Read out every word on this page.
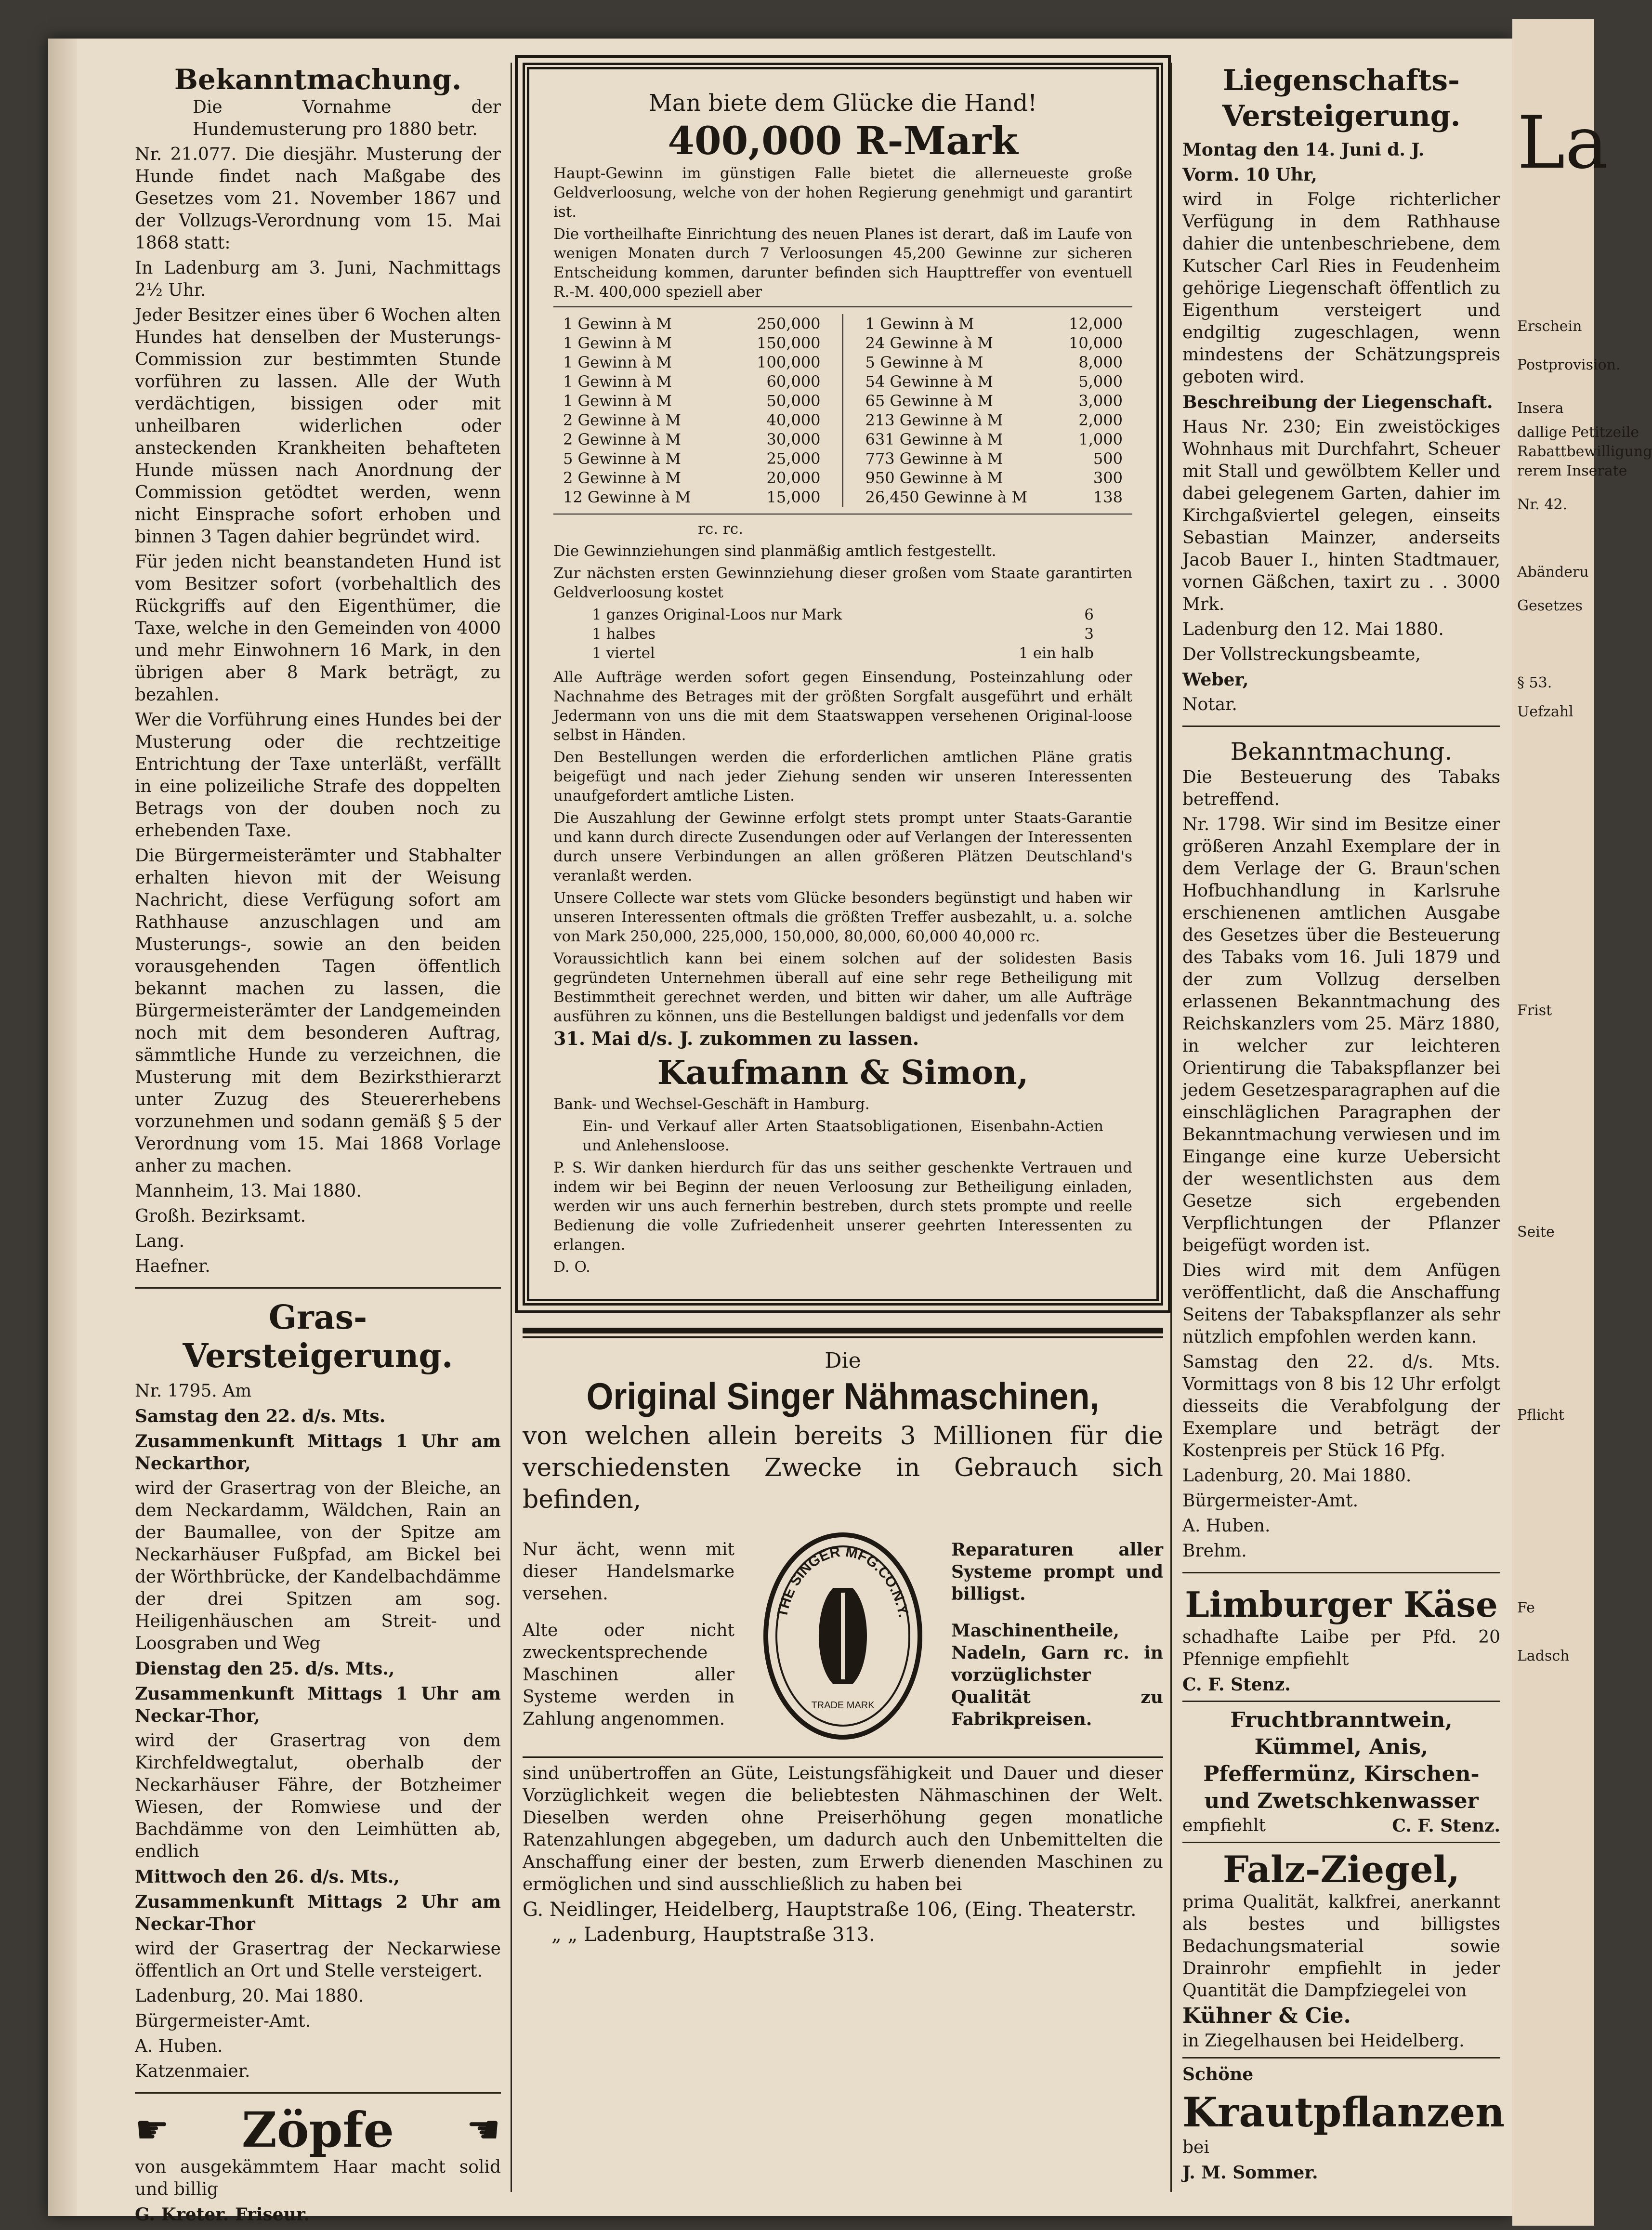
Bekanntmachung.

Die Vornahme der Hundemusterung pro 1880 betr.

Nr. 21.077. Die diesjähr. Musterung der Hunde findet nach Maßgabe des Gesetzes vom 21. November 1867 und der Vollzugs-Verordnung vom 15. Mai 1868 statt:

In Ladenburg am 3. Juni, Nachmittags 2½ Uhr.

Jeder Besitzer eines über 6 Wochen alten Hundes hat denselben der Musterungs-Commission zur bestimmten Stunde vorführen zu lassen. Alle der Wuth verdächtigen, bissigen oder mit unheilbaren widerlichen oder ansteckenden Krankheiten behafteten Hunde müssen nach Anordnung der Commission getödtet werden, wenn nicht Einsprache sofort erhoben und binnen 3 Tagen dahier begründet wird.

Für jeden nicht beanstandeten Hund ist vom Besitzer sofort (vorbehaltlich des Rückgriffs auf den Eigenthümer, die Taxe, welche in den Gemeinden von 4000 und mehr Einwohnern 16 Mark, in den übrigen aber 8 Mark beträgt, zu bezahlen.

Wer die Vorführung eines Hundes bei der Musterung oder die rechtzeitige Entrichtung der Taxe unterläßt, verfällt in eine polizeiliche Strafe des doppelten Betrags von der douben noch zu erhebenden Taxe.

Die Bürgermeisterämter und Stabhalter erhalten hievon mit der Weisung Nachricht, diese Verfügung sofort am Rathhause anzuschlagen und am Musterungs-, sowie an den beiden vorausgehenden Tagen öffentlich bekannt machen zu lassen, die Bürgermeisterämter der Landgemeinden noch mit dem besonderen Auftrag, sämmtliche Hunde zu verzeichnen, die Musterung mit dem Bezirksthierarzt unter Zuzug des Steuererhebens vorzunehmen und sodann gemäß § 5 der Verordnung vom 15. Mai 1868 Vorlage anher zu machen.

Mannheim, 13. Mai 1880.

Großh. Bezirksamt.

Lang.

Haefner.

Gras-
Versteigerung.

Nr. 1795. Am

Samstag den 22. d/s. Mts.

Zusammenkunft Mittags 1 Uhr am Neckarthor,

wird der Grasertrag von der Bleiche, an dem Neckardamm, Wäldchen, Rain an der Baumallee, von der Spitze am Neckarhäuser Fußpfad, am Bickel bei der Wörthbrücke, der Kandelbachdämme der drei Spitzen am sog. Heiligenhäuschen am Streit- und Loosgraben und Weg

Dienstag den 25. d/s. Mts.,

Zusammenkunft Mittags 1 Uhr am Neckar-Thor,

wird der Grasertrag von dem Kirchfeldwegtalut, oberhalb der Neckarhäuser Fähre, der Botzheimer Wiesen, der Romwiese und der Bachdämme von den Leimhütten ab, endlich

Mittwoch den 26. d/s. Mts.,

Zusammenkunft Mittags 2 Uhr am Neckar-Thor

wird der Grasertrag der Neckarwiese öffentlich an Ort und Stelle versteigert.

Ladenburg, 20. Mai 1880.

Bürgermeister-Amt.

A. Huben.

Katzenmaier.

☛ Zöpfe ☛

von ausgekämmtem Haar macht solid und billig

G. Kreter. Friseur.

Man biete dem Glücke die Hand!
400,000 R-Mark

Haupt-Gewinn im günstigen Falle bietet die allerneueste große Geldverloosung, welche von der hohen Regierung genehmigt und garantirt ist.

Die vortheilhafte Einrichtung des neuen Planes ist derart, daß im Laufe von wenigen Monaten durch 7 Verloosungen 45,200 Gewinne zur sicheren Entscheidung kommen, darunter befinden sich Haupttreffer von eventuell R.-M. 400,000 speziell aber

1 Gewinn à M	250,000
1 Gewinn à M	150,000
1 Gewinn à M	100,000
1 Gewinn à M	60,000
1 Gewinn à M	50,000
2 Gewinne à M	40,000
2 Gewinne à M	30,000
5 Gewinne à M	25,000
2 Gewinne à M	20,000
12 Gewinne à M	15,000
1 Gewinn à M	12,000
24 Gewinne à M	10,000
5 Gewinne à M	8,000
54 Gewinne à M	5,000
65 Gewinne à M	3,000
213 Gewinne à M	2,000
631 Gewinne à M	1,000
773 Gewinne à M	500
950 Gewinne à M	300
26,450 Gewinne à M	138

rc. rc.

Die Gewinnziehungen sind planmäßig amtlich festgestellt.

Zur nächsten ersten Gewinnziehung dieser großen vom Staate garantirten Geldverloosung kostet

1 ganzes Original-Loos nur Mark	6
1 halbes	3
1 viertel	1 ein halb

Alle Aufträge werden sofort gegen Einsendung, Posteinzahlung oder Nachnahme des Betrages mit der größten Sorgfalt ausgeführt und erhält Jedermann von uns die mit dem Staatswappen versehenen Original-loose selbst in Händen.

Den Bestellungen werden die erforderlichen amtlichen Pläne gratis beigefügt und nach jeder Ziehung senden wir unseren Interessenten unaufgefordert amtliche Listen.

Die Auszahlung der Gewinne erfolgt stets prompt unter Staats-Garantie und kann durch directe Zusendungen oder auf Verlangen der Interessenten durch unsere Verbindungen an allen größeren Plätzen Deutschland's veranlaßt werden.

Unsere Collecte war stets vom Glücke besonders begünstigt und haben wir unseren Interessenten oftmals die größten Treffer ausbezahlt, u. a. solche von Mark 250,000, 225,000, 150,000, 80,000, 60,000 40,000 rc.

Voraussichtlich kann bei einem solchen auf der solidesten Basis gegründeten Unternehmen überall auf eine sehr rege Betheiligung mit Bestimmtheit gerechnet werden, und bitten wir daher, um alle Aufträge ausführen zu können, uns die Bestellungen baldigst und jedenfalls vor dem

31. Mai d/s. J. zukommen zu lassen.

Kaufmann & Simon,

Bank- und Wechsel-Geschäft in Hamburg.

Ein- und Verkauf aller Arten Staatsobligationen, Eisenbahn-Actien und Anlehensloose.

P. S. Wir danken hierdurch für das uns seither geschenkte Vertrauen und indem wir bei Beginn der neuen Verloosung zur Betheiligung einladen, werden wir uns auch fernerhin bestreben, durch stets prompte und reelle Bedienung die volle Zufriedenheit unserer geehrten Interessenten zu erlangen.

D. O.

Die
Original Singer Nähmaschinen,

von welchen allein bereits 3 Millionen für die verschiedensten Zwecke in Gebrauch sich befinden,

Nur ächt, wenn mit dieser Handelsmarke versehen.

Alte oder nicht zweckentsprechende Maschinen aller Systeme werden in Zahlung angenommen.

THE SINGER MFG.CO.N.Y.
TRADE MARK

Reparaturen aller Systeme prompt und billigst.

Maschinentheile, Nadeln, Garn rc. in vorzüglichster Qualität zu Fabrikpreisen.

sind unübertroffen an Güte, Leistungsfähigkeit und Dauer und dieser Vorzüglichkeit wegen die beliebtesten Nähmaschinen der Welt. Dieselben werden ohne Preiserhöhung gegen monatliche Ratenzahlungen abgegeben, um dadurch auch den Unbemittelten die Anschaffung einer der besten, zum Erwerb dienenden Maschinen zu ermöglichen und sind ausschließlich zu haben bei

G. Neidlinger, Heidelberg, Hauptstraße 106, (Eing. Theaterstr.

„ „ Ladenburg, Hauptstraße 313.

Liegenschafts-
Versteigerung.

Montag den 14. Juni d. J.

Vorm. 10 Uhr,

wird in Folge richterlicher Verfügung in dem Rathhause dahier die untenbeschriebene, dem Kutscher Carl Ries in Feudenheim gehörige Liegenschaft öffentlich zu Eigenthum versteigert und endgiltig zugeschlagen, wenn mindestens der Schätzungspreis geboten wird.

Beschreibung der Liegenschaft.

Haus Nr. 230; Ein zweistöckiges Wohnhaus mit Durchfahrt, Scheuer mit Stall und gewölbtem Keller und dabei gelegenem Garten, dahier im Kirchgaßviertel gelegen, einseits Sebastian Mainzer, anderseits Jacob Bauer I., hinten Stadtmauer, vornen Gäßchen, taxirt zu . . 3000 Mrk.

Ladenburg den 12. Mai 1880.

Der Vollstreckungsbeamte,

Weber,

Notar.

Bekanntmachung.

Die Besteuerung des Tabaks betreffend.

Nr. 1798. Wir sind im Besitze einer größeren Anzahl Exemplare der in dem Verlage der G. Braun'schen Hofbuchhandlung in Karlsruhe erschienenen amtlichen Ausgabe des Gesetzes über die Besteuerung des Tabaks vom 16. Juli 1879 und der zum Vollzug derselben erlassenen Bekanntmachung des Reichskanzlers vom 25. März 1880, in welcher zur leichteren Orientirung die Tabakspflanzer bei jedem Gesetzesparagraphen auf die einschläglichen Paragraphen der Bekanntmachung verwiesen und im Eingange eine kurze Uebersicht der wesentlichsten aus dem Gesetze sich ergebenden Verpflichtungen der Pflanzer beigefügt worden ist.

Dies wird mit dem Anfügen veröffentlicht, daß die Anschaffung Seitens der Tabakspflanzer als sehr nützlich empfohlen werden kann.

Samstag den 22. d/s. Mts. Vormittags von 8 bis 12 Uhr erfolgt diesseits die Verabfolgung der Exemplare und beträgt der Kostenpreis per Stück 16 Pfg.

Ladenburg, 20. Mai 1880.

Bürgermeister-Amt.

A. Huben.

Brehm.

Limburger Käse

schadhafte Laibe per Pfd. 20 Pfennige empfiehlt

C. F. Stenz.

Fruchtbranntwein, Kümmel, Anis, Pfeffermünz, Kirschen- und Zwetschkenwasser
empfiehlt	C. F. Stenz.
Falz-Ziegel,

prima Qualität, kalkfrei, anerkannt als bestes und billigstes Bedachungsmaterial sowie Drainrohr empfiehlt in jeder Quantität die Dampfziegelei von

Kühner & Cie.

in Ziegelhausen bei Heidelberg.

Schöne

Krautpflanzen

bei

J. M. Sommer.

La
Erschein
Postprovision.
Insera
dallige Petitzeile
Rabattbewilligung
rerem Inserate
Nr. 42.
Abänderu
Gesetzes
§ 53.
Uefzahl
Frist
Seite
Pflicht
Ladsch
Fe
